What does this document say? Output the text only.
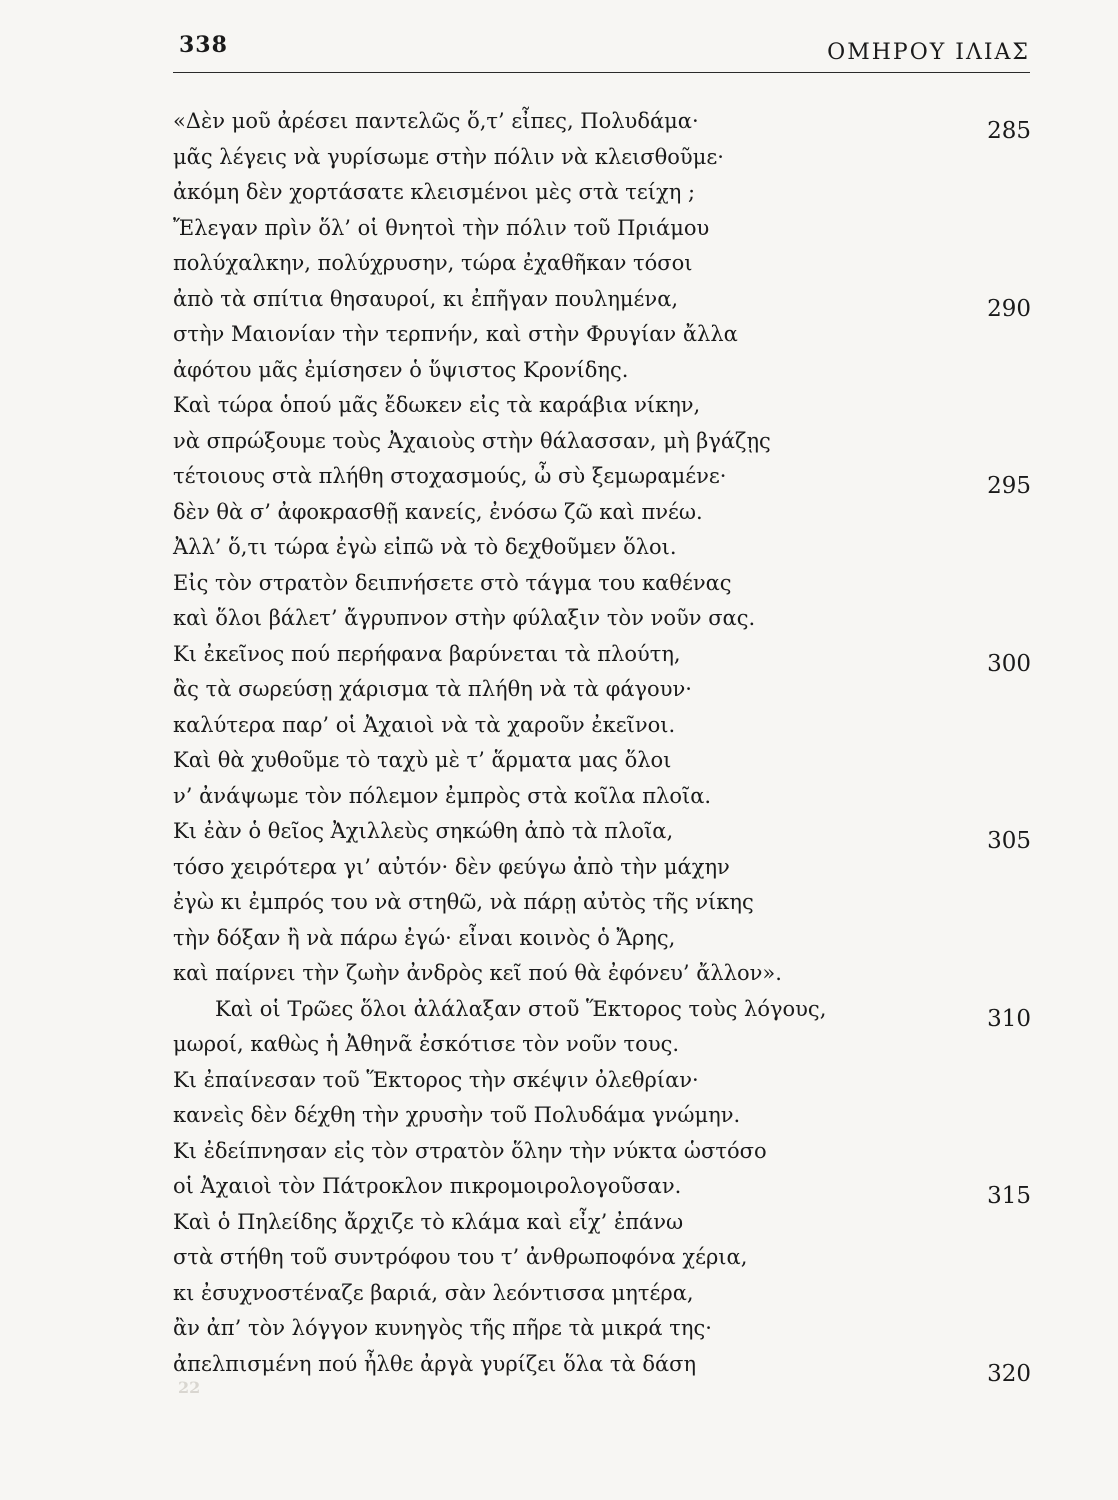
338	ΟΜΗΡΟΥ ΙΛΙΑΣ
«Δὲν μοῦ ἀρέσει παντελῶς ὅ,τ’ εἶπες, Πολυδάμα·	285
μᾶς λέγεις νὰ γυρίσωμε στὴν πόλιν νὰ κλεισθοῦμε·
ἀκόμη δὲν χορτάσατε κλεισμένοι μὲς στὰ τείχη ;
Ἔλεγαν πρὶν ὅλ’ οἱ θνητοὶ τὴν πόλιν τοῦ Πριάμου
πολύχαλκην, πολύχρυσην, τώρα ἐχαθῆκαν τόσοι
ἀπὸ τὰ σπίτια θησαυροί, κι ἐπῆγαν πουλημένα,	290
στὴν Μαιονίαν τὴν τερπνήν, καὶ στὴν Φρυγίαν ἄλλα
ἀφότου μᾶς ἐμίσησεν ὁ ὕψιστος Κρονίδης.
Καὶ τώρα ὁπού μᾶς ἔδωκεν εἰς τὰ καράβια νίκην,
νὰ σπρώξουμε τοὺς Ἀχαιοὺς στὴν θάλασσαν, μὴ βγάζῃς
τέτοιους στὰ πλήθη στοχασμούς, ὦ σὺ ξεμωραμένε·	295
δὲν θὰ σ’ ἀφοκρασθῇ κανείς, ἐνόσω ζῶ καὶ πνέω.
Ἀλλ’ ὅ,τι τώρα ἐγὼ εἰπῶ νὰ τὸ δεχθοῦμεν ὅλοι.
Εἰς τὸν στρατὸν δειπνήσετε στὸ τάγμα του καθένας
καὶ ὅλοι βάλετ’ ἄγρυπνον στὴν φύλαξιν τὸν νοῦν σας.
Κι ἐκεῖνος πού περήφανα βαρύνεται τὰ πλούτη,	300
ἂς τὰ σωρεύσῃ χάρισμα τὰ πλήθη νὰ τὰ φάγουν·
καλύτερα παρ’ οἱ Ἀχαιοὶ νὰ τὰ χαροῦν ἐκεῖνοι.
Καὶ θὰ χυθοῦμε τὸ ταχὺ μὲ τ’ ἅρματα μας ὅλοι
ν’ ἀνάψωμε τὸν πόλεμον ἐμπρὸς στὰ κοῖλα πλοῖα.
Κι ἐὰν ὁ θεῖος Ἀχιλλεὺς σηκώθη ἀπὸ τὰ πλοῖα,	305
τόσο χειρότερα γι’ αὐτόν· δὲν φεύγω ἀπὸ τὴν μάχην
ἐγὼ κι ἐμπρός του νὰ στηθῶ, νὰ πάρῃ αὐτὸς τῆς νίκης
τὴν δόξαν ἢ νὰ πάρω ἐγώ· εἶναι κοινὸς ὁ Ἄρης,
καὶ παίρνει τὴν ζωὴν ἀνδρὸς κεῖ πού θὰ ἐφόνευ’ ἄλλον».
Καὶ οἱ Τρῶες ὅλοι ἀλάλαξαν στοῦ Ἕκτορος τοὺς λόγους,	310
μωροί, καθὼς ἡ Ἀθηνᾶ ἐσκότισε τὸν νοῦν τους.
Κι ἐπαίνεσαν τοῦ Ἕκτορος τὴν σκέψιν ὀλεθρίαν·
κανεὶς δὲν δέχθη τὴν χρυσὴν τοῦ Πολυδάμα γνώμην.
Κι ἐδείπνησαν εἰς τὸν στρατὸν ὅλην τὴν νύκτα ὡστόσο
οἱ Ἀχαιοὶ τὸν Πάτροκλον πικρομοιρολογοῦσαν.	315
Καὶ ὁ Πηλείδης ἄρχιζε τὸ κλάμα καὶ εἶχ’ ἐπάνω
στὰ στήθη τοῦ συντρόφου του τ’ ἀνθρωποφόνα χέρια,
κι ἐσυχνοστέναζε βαριά, σὰν λεόντισσα μητέρα,
ἂν ἀπ’ τὸν λόγγον κυνηγὸς τῆς πῆρε τὰ μικρά της·
ἀπελπισμένη πού ἦλθε ἀργὰ γυρίζει ὅλα τὰ δάση	320
22
